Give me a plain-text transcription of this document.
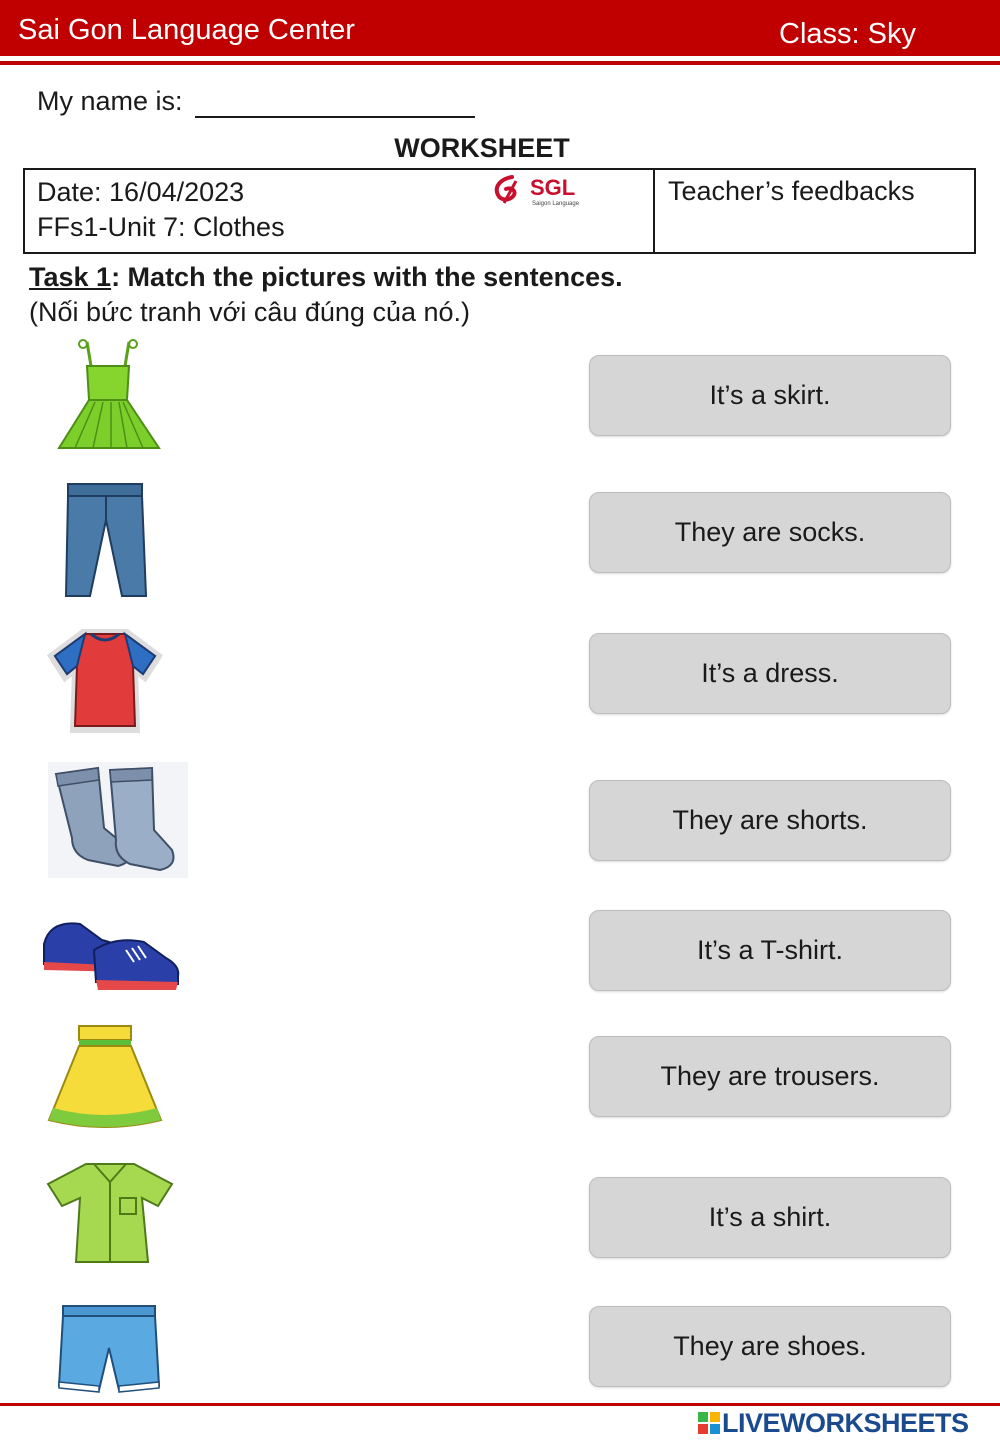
Sai Gon Language Center	Class: Sky
My name is:
WORKSHEET
Date: 16/04/2023
FFs1-Unit 7: Clothes
Teacher’s feedbacks
SGL
Saigon Language
Task 1: Match the pictures with the sentences.
(Nối bức tranh với câu đúng của nó.)
It’s a skirt.
They are socks.
It’s a dress.
They are shorts.
It’s a T-shirt.
They are trousers.
It’s a shirt.
They are shoes.
LIVEWORKSHEETS
